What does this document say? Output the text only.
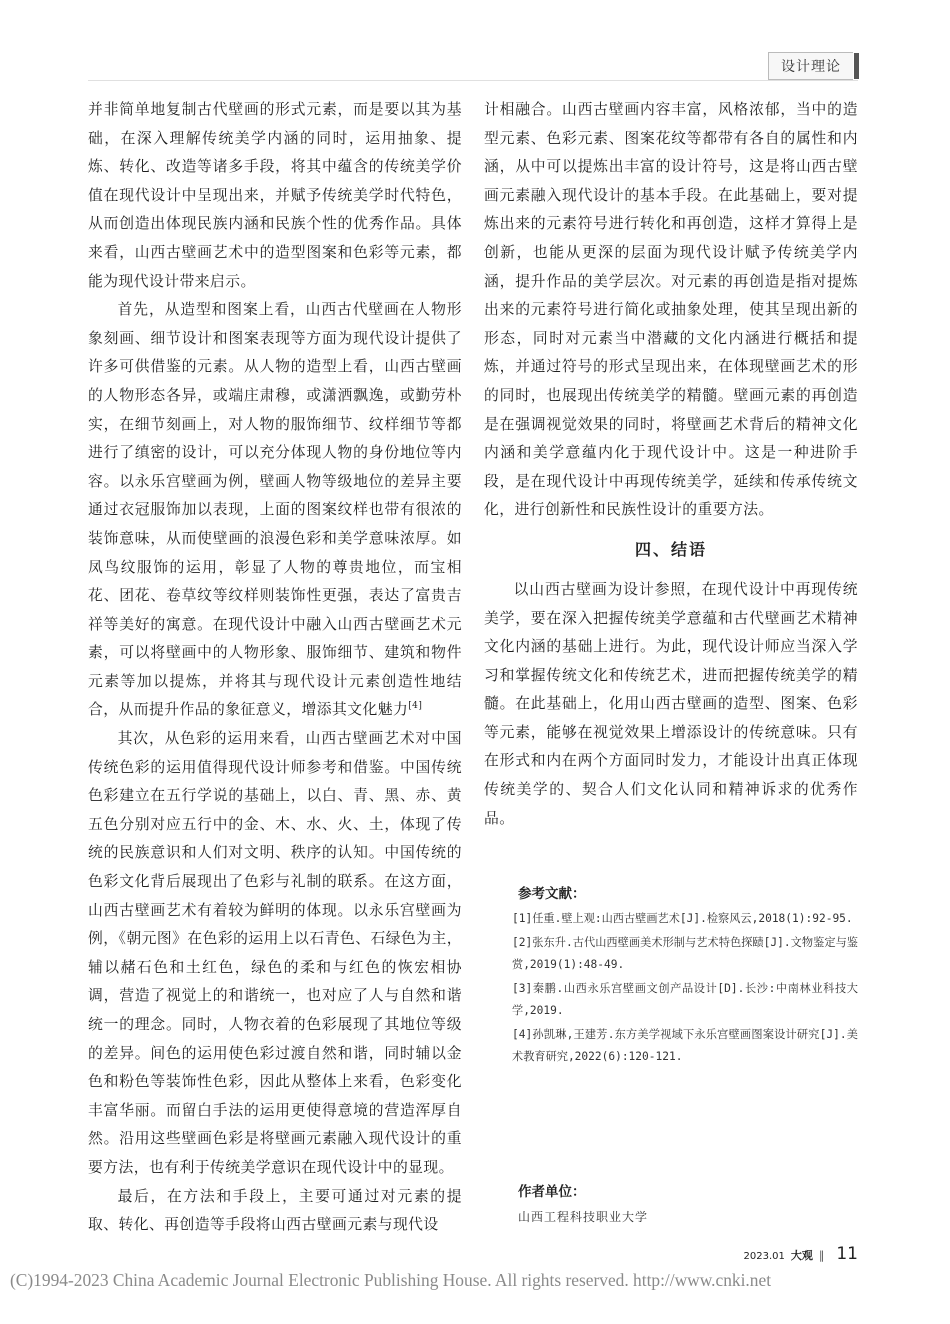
设计理论

并非简单地复制古代壁画的形式元素，而是要以其为基础，在深入理解传统美学内涵的同时，运用抽象、提炼、转化、改造等诸多手段，将其中蕴含的传统美学价值在现代设计中呈现出来，并赋予传统美学时代特色，从而创造出体现民族内涵和民族个性的优秀作品。具体来看，山西古壁画艺术中的造型图案和色彩等元素，都能为现代设计带来启示。

首先，从造型和图案上看，山西古代壁画在人物形象刻画、细节设计和图案表现等方面为现代设计提供了许多可供借鉴的元素。从人物的造型上看，山西古壁画的人物形态各异，或端庄肃穆，或潇洒飘逸，或勤劳朴实，在细节刻画上，对人物的服饰细节、纹样细节等都进行了缜密的设计，可以充分体现人物的身份地位等内容。以永乐宫壁画为例，壁画人物等级地位的差异主要通过衣冠服饰加以表现，上面的图案纹样也带有很浓的装饰意味，从而使壁画的浪漫色彩和美学意味浓厚。如凤鸟纹服饰的运用，彰显了人物的尊贵地位，而宝相花、团花、卷草纹等纹样则装饰性更强，表达了富贵吉祥等美好的寓意。在现代设计中融入山西古壁画艺术元素，可以将壁画中的人物形象、服饰细节、建筑和物件元素等加以提炼，并将其与现代设计元素创造性地结合，从而提升作品的象征意义，增添其文化魅力[4]

其次，从色彩的运用来看，山西古壁画艺术对中国传统色彩的运用值得现代设计师参考和借鉴。中国传统色彩建立在五行学说的基础上，以白、青、黑、赤、黄五色分别对应五行中的金、木、水、火、土，体现了传统的民族意识和人们对文明、秩序的认知。中国传统的色彩文化背后展现出了色彩与礼制的联系。在这方面，山西古壁画艺术有着较为鲜明的体现。以永乐宫壁画为例，《朝元图》在色彩的运用上以石青色、石绿色为主，辅以赭石色和土红色，绿色的柔和与红色的恢宏相协调，营造了视觉上的和谐统一，也对应了人与自然和谐统一的理念。同时，人物衣着的色彩展现了其地位等级的差异。间色的运用使色彩过渡自然和谐，同时辅以金色和粉色等装饰性色彩，因此从整体上来看，色彩变化丰富华丽。而留白手法的运用更使得意境的营造浑厚自然。沿用这些壁画色彩是将壁画元素融入现代设计的重要方法，也有利于传统美学意识在现代设计中的显现。

最后，在方法和手段上，主要可通过对元素的提取、转化、再创造等手段将山西古壁画元素与现代设

计相融合。山西古壁画内容丰富，风格浓郁，当中的造型元素、色彩元素、图案花纹等都带有各自的属性和内涵，从中可以提炼出丰富的设计符号，这是将山西古壁画元素融入现代设计的基本手段。在此基础上，要对提炼出来的元素符号进行转化和再创造，这样才算得上是创新，也能从更深的层面为现代设计赋予传统美学内涵，提升作品的美学层次。对元素的再创造是指对提炼出来的元素符号进行简化或抽象处理，使其呈现出新的形态，同时对元素当中潜藏的文化内涵进行概括和提炼，并通过符号的形式呈现出来，在体现壁画艺术的形的同时，也展现出传统美学的精髓。壁画元素的再创造是在强调视觉效果的同时，将壁画艺术背后的精神文化内涵和美学意蕴内化于现代设计中。这是一种进阶手段，是在现代设计中再现传统美学，延续和传承传统文化，进行创新性和民族性设计的重要方法。

四、结语

以山西古壁画为设计参照，在现代设计中再现传统美学，要在深入把握传统美学意蕴和古代壁画艺术精神文化内涵的基础上进行。为此，现代设计师应当深入学习和掌握传统文化和传统艺术，进而把握传统美学的精髓。在此基础上，化用山西古壁画的造型、图案、色彩等元素，能够在视觉效果上增添设计的传统意味。只有在形式和内在两个方面同时发力，才能设计出真正体现传统美学的、契合人们文化认同和精神诉求的优秀作品。

参考文献：
[1]任重.壁上观:山西古壁画艺术[J].检察风云,2018(1):92-95.
[2]张东升.古代山西壁画美术形制与艺术特色探赜[J].文物鉴定与鉴赏,2019(1):48-49.
[3]秦鹏.山西永乐宫壁画文创产品设计[D].长沙:中南林业科技大学,2019.
[4]孙凯琳,王建芳.东方美学视域下永乐宫壁画图案设计研究[J].美术教育研究,2022(6):120-121.
作者单位：
山西工程科技职业大学
2023.01 大观 ‖ 11
(C)1994-2023 China Academic Journal Electronic Publishing House. All rights reserved. http://www.cnki.net
